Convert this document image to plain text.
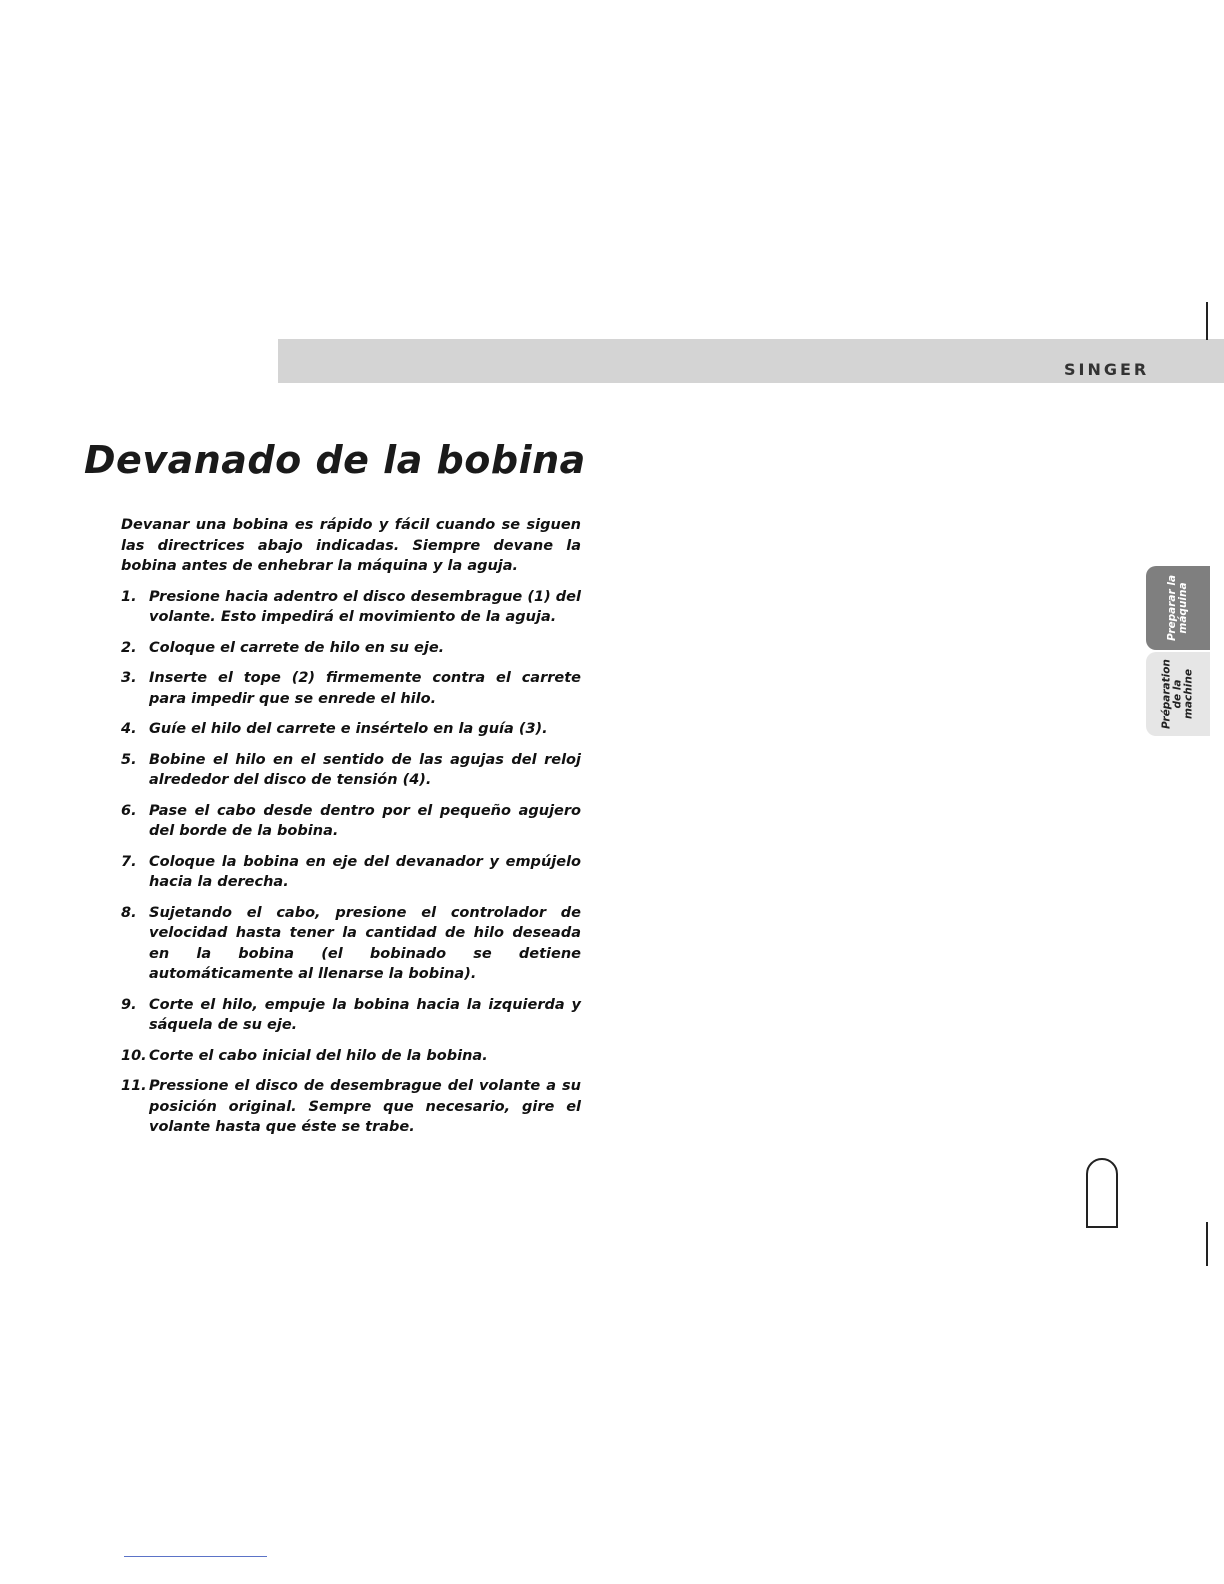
SINGER
Devanado de la bobina

Devanar una bobina es rápido y fácil cuando se siguen las directrices abajo indicadas. Siempre devane la bobina antes de enhebrar la máquina y la aguja.

1. Presione hacia adentro el disco desembrague (1) del volante. Esto impedirá el movimiento de la aguja.
2. Coloque el carrete de hilo en su eje.
3. Inserte el tope (2) firmemente contra el carrete para impedir que se enrede el hilo.
4. Guíe el hilo del carrete e insértelo en la guía (3).
5. Bobine el hilo en el sentido de las agujas del reloj alrededor del disco de tensión (4).
6. Pase el cabo desde dentro por el pequeño agujero del borde de la bobina.
7. Coloque la bobina en eje del devanador y empújelo hacia la derecha.
8. Sujetando el cabo, presione el controlador de velocidad hasta tener la cantidad de hilo deseada en la bobina (el bobinado se detiene automáticamente al llenarse la bobina).
9. Corte el hilo, empuje la bobina hacia la izquierda y sáquela de su eje.
10. Corte el cabo inicial del hilo de la bobina.
11. Pressione el disco de desembrague del volante a su posición original. Sempre que necesario, gire el volante hasta que éste se trabe.
Preparar la
máquina
Préparation
de la
machine
